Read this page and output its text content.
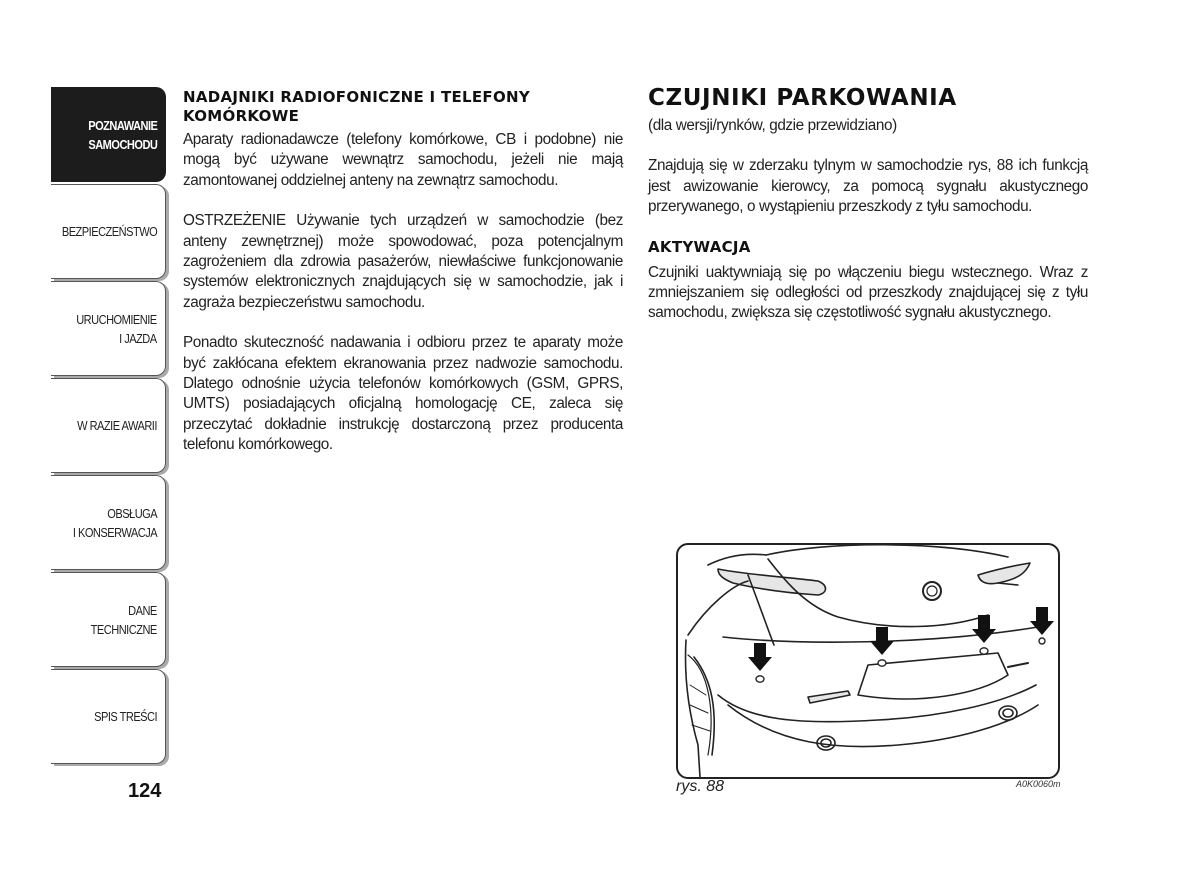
POZNAWANIE
SAMOCHODU
BEZPIECZEŃSTWO
URUCHOMIENIE
I JAZDA
W RAZIE AWARII
OBSŁUGA
I KONSERWACJA
DANE
TECHNICZNE
SPIS TREŚCI
124
NADAJNIKI RADIOFONICZNE I TELEFONY KOMÓRKOWE

Aparaty radionadawcze (telefony komórkowe, CB i podobne) nie mogą być używane wewnątrz samochodu, jeżeli nie mają zamontowanej oddzielnej anteny na zewnątrz samochodu.

OSTRZEŻENIE Używanie tych urządzeń w samochodzie (bez anteny zewnętrznej) może spowodować, poza potencjalnym zagrożeniem dla zdrowia pasażerów, niewłaściwe funkcjonowanie systemów elektronicznych znajdujących się w samochodzie, jak i zagraża bezpieczeństwu samochodu.

Ponadto skuteczność nadawania i odbioru przez te aparaty może być zakłócana efektem ekranowania przez nadwozie samochodu. Dlatego odnośnie użycia telefonów komórkowych (GSM, GPRS, UMTS) posiadających oficjalną homologację CE, zaleca się przeczytać dokładnie instrukcję dostarczoną przez producenta telefonu komórkowego.

CZUJNIKI PARKOWANIA

(dla wersji/rynków, gdzie przewidziano)

Znajdują się w zderzaku tylnym w samochodzie rys, 88 ich funkcją jest awizowanie kierowcy, za pomocą sygnału akustycznego przerywanego, o wystąpieniu przeszkody z tyłu samochodu.

AKTYWACJA

Czujniki uaktywniają się po włączeniu biegu wstecznego. Wraz z zmniejszaniem się odległości od przeszkody znajdującej się z tyłu samochodu, zwiększa się częstotliwość sygnału akustycznego.

rys. 88	A0K0060m
